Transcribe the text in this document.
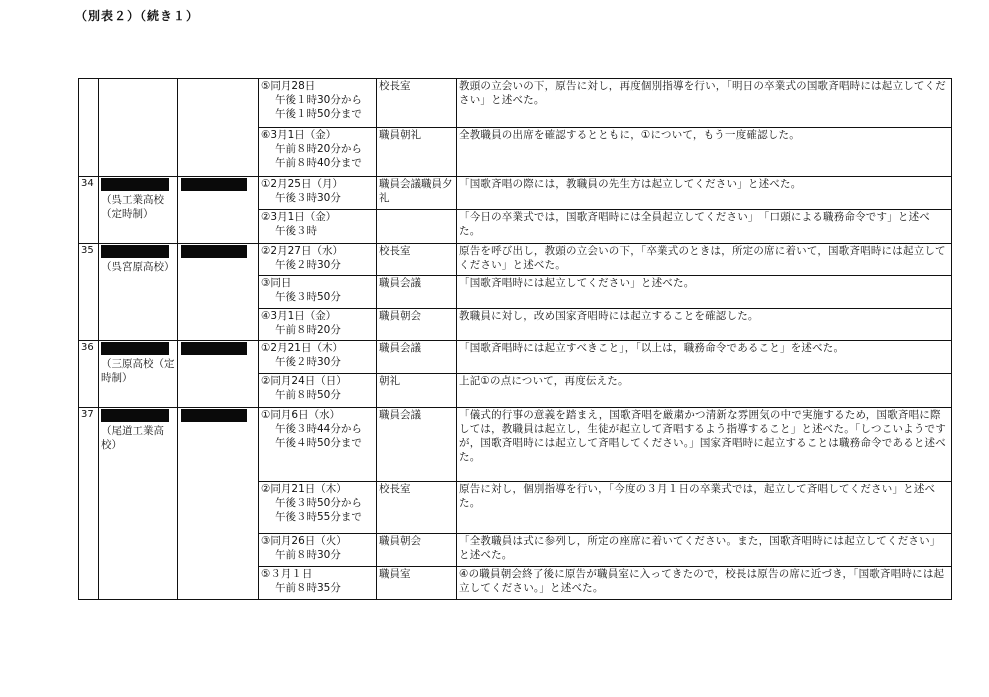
（別表２）（続き１）

			⑤同月28日
午後１時30分から
午後１時50分まで	校長室	教頭の立会いの下，原告に対し，再度個別指導を行い，「明日の卒業式の国歌斉唱時には起立してください」と述べた。

			⑥3月1日（金）
午前８時20分から
午前８時40分まで	職員朝礼	全教職員の出席を確認するとともに，①について，もう一度確認した。
34	（呉工業高校（定時制）		①2月25日（月）
午後３時30分	職員会議職員夕礼	「国歌斉唱の際には，教職員の先生方は起立してください」と述べた。

			②3月1日（金）
午後３時		「今日の卒業式では，国歌斉唱時には全員起立してください」　「口頭による職務命令です」と述べた。
35	（呉宮原高校）		②2月27日（水）
午後２時30分	校長室	原告を呼び出し，教頭の立会いの下，「卒業式のときは，所定の席に着いて，国歌斉唱時には起立してください」と述べた。

			③同日
午後３時50分	職員会議	「国歌斉唱時には起立してください」と述べた。

			④3月1日（金）
午前８時20分	職員朝会	教職員に対し，改め国家斉唱時には起立することを確認した。
36	（三原高校（定時制）		①2月21日（木）
午後２時30分	職員会議	「国歌斉唱時には起立すべきこと」，「以上は，職務命令であること」を述べた。

			②同月24日（日）
午前８時50分	朝礼	上記①の点について，再度伝えた。
37	（尾道工業高校）		①同月6日（水）
午後３時44分から
午後４時50分まで	職員会議	「儀式的行事の意義を踏まえ，国歌斉唱を厳粛かつ清新な雰囲気の中で実施するため，国歌斉唱に際しては，教職員は起立し，生徒が起立して斉唱するよう指導すること」と述べた。「しつこいようですが，国歌斉唱時には起立して斉唱してください。」国家斉唱時に起立することは職務命令であると述べた。

			②同月21日（木）
午後３時50分から
午後３時55分まで	校長室	原告に対し，個別指導を行い，「今度の３月１日の卒業式では，起立して斉唱してください」と述べた。

			③同月26日（火）
午前８時30分	職員朝会	「全教職員は式に参列し，所定の座席に着いてください。また，国歌斉唱時には起立してください」と述べた。

			⑤３月１日
午前８時35分	職員室	④の職員朝会終了後に原告が職員室に入ってきたので，校長は原告の席に近づき，「国歌斉唱時には起立してください。」と述べた。
